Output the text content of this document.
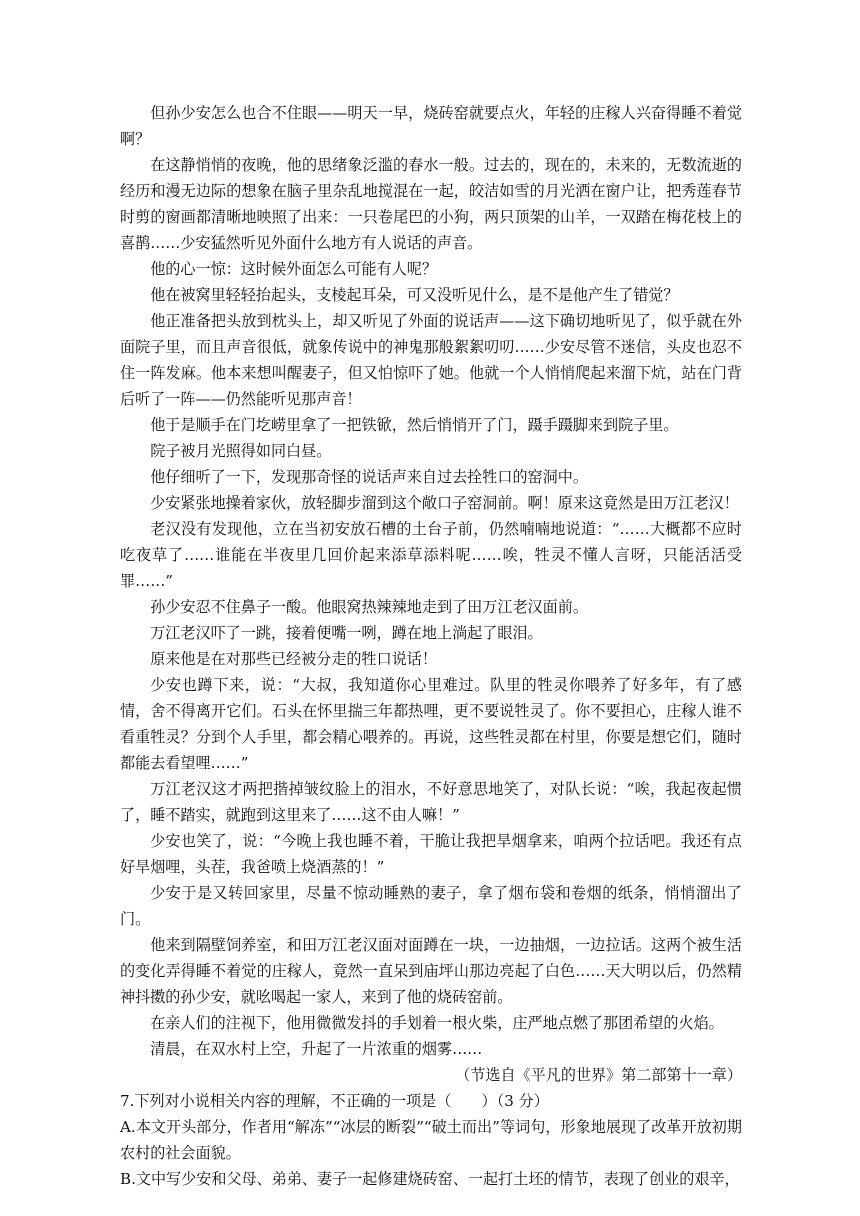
但孙少安怎么也合不住眼——明天一早，烧砖窑就要点火，年轻的庄稼人兴奋得睡不着觉啊？

在这静悄悄的夜晚，他的思绪象泛滥的春水一般。过去的，现在的，未来的，无数流逝的经历和漫无边际的想象在脑子里杂乱地搅混在一起，皎洁如雪的月光洒在窗户让，把秀莲春节时剪的窗画都清晰地映照了出来：一只卷尾巴的小狗，两只顶架的山羊，一双踏在梅花枝上的喜鹊……少安猛然听见外面什么地方有人说话的声音。

他的心一惊：这时候外面怎么可能有人呢？

他在被窝里轻轻抬起头，支棱起耳朵，可又没听见什么，是不是他产生了错觉？

他正准备把头放到枕头上，却又听见了外面的说话声——这下确切地听见了，似乎就在外面院子里，而且声音很低，就象传说中的神鬼那般絮絮叨叨……少安尽管不迷信，头皮也忍不住一阵发麻。他本来想叫醒妻子，但又怕惊吓了她。他就一个人悄悄爬起来溜下炕，站在门背后听了一阵——仍然能听见那声音！

他于是顺手在门圪崂里拿了一把铁锨，然后悄悄开了门，蹑手蹑脚来到院子里。

院子被月光照得如同白昼。

他仔细听了一下，发现那奇怪的说话声来自过去拴牲口的窑洞中。

少安紧张地操着家伙，放轻脚步溜到这个敞口子窑洞前。啊！原来这竟然是田万江老汉！

老汉没有发现他，立在当初安放石槽的土台子前，仍然喃喃地说道：“……大概都不应时吃夜草了……谁能在半夜里几回价起来添草添料呢……唉，牲灵不懂人言呀，只能活活受罪……”

孙少安忍不住鼻子一酸。他眼窝热辣辣地走到了田万江老汉面前。

万江老汉吓了一跳，接着便嘴一咧，蹲在地上淌起了眼泪。

原来他是在对那些已经被分走的牲口说话！

少安也蹲下来，说：“大叔，我知道你心里难过。队里的牲灵你喂养了好多年，有了感情，舍不得离开它们。石头在怀里揣三年都热哩，更不要说牲灵了。你不要担心，庄稼人谁不看重牲灵？分到个人手里，都会精心喂养的。再说，这些牲灵都在村里，你要是想它们，随时都能去看望哩……”

万江老汉这才两把揩掉皱纹脸上的泪水，不好意思地笑了，对队长说：“唉，我起夜起惯了，睡不踏实，就跑到这里来了……这不由人嘛！”

少安也笑了，说：“今晚上我也睡不着，干脆让我把旱烟拿来，咱两个拉话吧。我还有点好旱烟哩，头茬，我爸喷上烧酒蒸的！”

少安于是又转回家里，尽量不惊动睡熟的妻子，拿了烟布袋和卷烟的纸条，悄悄溜出了门。

他来到隔壁饲养室，和田万江老汉面对面蹲在一块，一边抽烟，一边拉话。这两个被生活的变化弄得睡不着觉的庄稼人，竟然一直呆到庙坪山那边亮起了白色……天大明以后，仍然精神抖擞的孙少安，就吆喝起一家人，来到了他的烧砖窑前。

在亲人们的注视下，他用微微发抖的手划着一根火柴，庄严地点燃了那团希望的火焰。

清晨，在双水村上空，升起了一片浓重的烟雾……

（节选自《平凡的世界》第二部第十一章）

7.下列对小说相关内容的理解，不正确的一项是（　　）（3 分）

A.本文开头部分，作者用“解冻”“冰层的断裂”“破土而出”等词句，形象地展现了改革开放初期农村的社会面貌。

B.文中写少安和父母、弟弟、妻子一起修建烧砖窑、一起打土坯的情节，表现了创业的艰辛，
